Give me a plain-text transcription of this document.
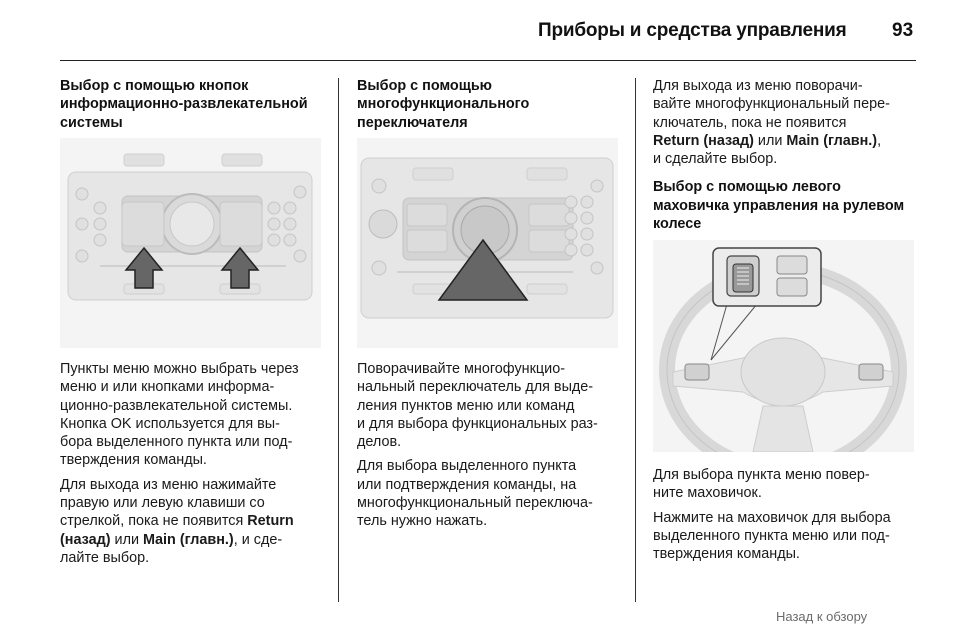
Приборы и средства управления 93
Выбор с помощью кнопок
информационно-развлекательной
системы
Пункты меню можно выбрать через
меню и или кнопками информа-
ционно-развлекательной системы.
Кнопка OK используется для вы-
бора выделенного пункта или под-
тверждения команды.
Для выхода из меню нажимайте
правую или левую клавиши со
стрелкой, пока не появится Return
(назад) или Main (главн.), и сде-
лайте выбор.
Выбор с помощью
многофункционального
переключателя
Поворачивайте многофункцио-
нальный переключатель для выде-
ления пунктов меню или команд
и для выбора функциональных раз-
делов.
Для выбора выделенного пункта
или подтверждения команды, на
многофункциональный переключа-
тель нужно нажать.
Для выхода из меню поворачи-
вайте многофункциональный пере-
ключатель, пока не появится
Return (назад) или Main (главн.),
и сделайте выбор.
Выбор с помощью левого
маховичка управления на рулевом
колесе
Для выбора пункта меню повер-
ните маховичок.
Нажмите на маховичок для выбора
выделенного пункта меню или под-
тверждения команды.
Назад к обзору
